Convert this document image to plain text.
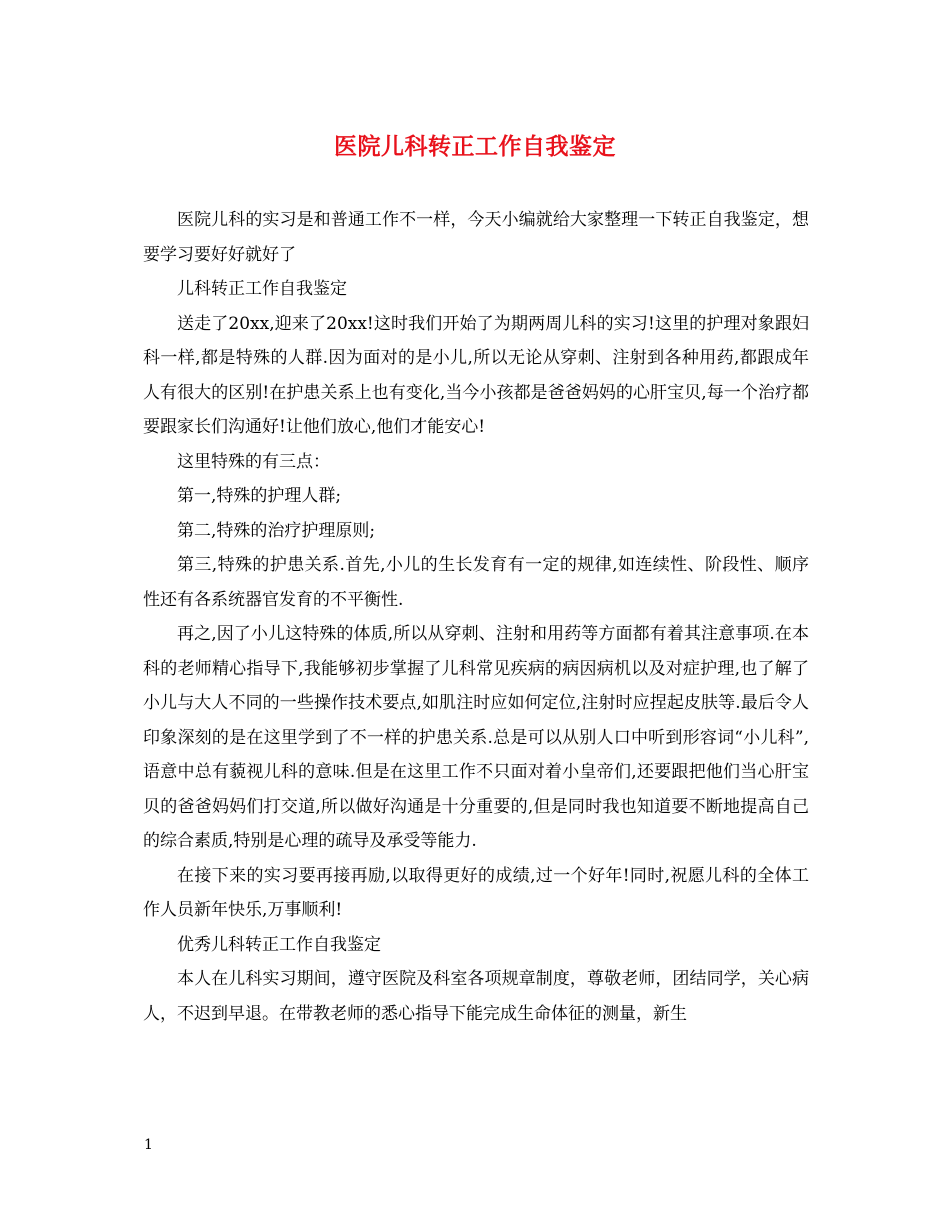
医院儿科转正工作自我鉴定

医院儿科的实习是和普通工作不一样，今天小编就给大家整理一下转正自我鉴定，想要学习要好好就好了

儿科转正工作自我鉴定

送走了20xx,迎来了20xx!这时我们开始了为期两周儿科的实习!这里的护理对象跟妇科一样,都是特殊的人群.因为面对的是小儿,所以无论从穿刺、注射到各种用药,都跟成年人有很大的区别!在护患关系上也有变化,当今小孩都是爸爸妈妈的心肝宝贝,每一个治疗都要跟家长们沟通好!让他们放心,他们才能安心!

这里特殊的有三点：

第一,特殊的护理人群;

第二,特殊的治疗护理原则;

第三,特殊的护患关系.首先,小儿的生长发育有一定的规律,如连续性、阶段性、顺序性还有各系统器官发育的不平衡性.

再之,因了小儿这特殊的体质,所以从穿刺、注射和用药等方面都有着其注意事项.在本科的老师精心指导下,我能够初步掌握了儿科常见疾病的病因病机以及对症护理,也了解了小儿与大人不同的一些操作技术要点,如肌注时应如何定位,注射时应捏起皮肤等.最后令人印象深刻的是在这里学到了不一样的护患关系.总是可以从别人口中听到形容词“小儿科”,语意中总有藐视儿科的意味.但是在这里工作不只面对着小皇帝们,还要跟把他们当心肝宝贝的爸爸妈妈们打交道,所以做好沟通是十分重要的,但是同时我也知道要不断地提高自己的综合素质,特别是心理的疏导及承受等能力.

在接下来的实习要再接再励,以取得更好的成绩,过一个好年!同时,祝愿儿科的全体工作人员新年快乐,万事顺利!

优秀儿科转正工作自我鉴定

本人在儿科实习期间，遵守医院及科室各项规章制度，尊敬老师，团结同学，关心病人，不迟到早退。在带教老师的悉心指导下能完成生命体征的测量，新生

1
